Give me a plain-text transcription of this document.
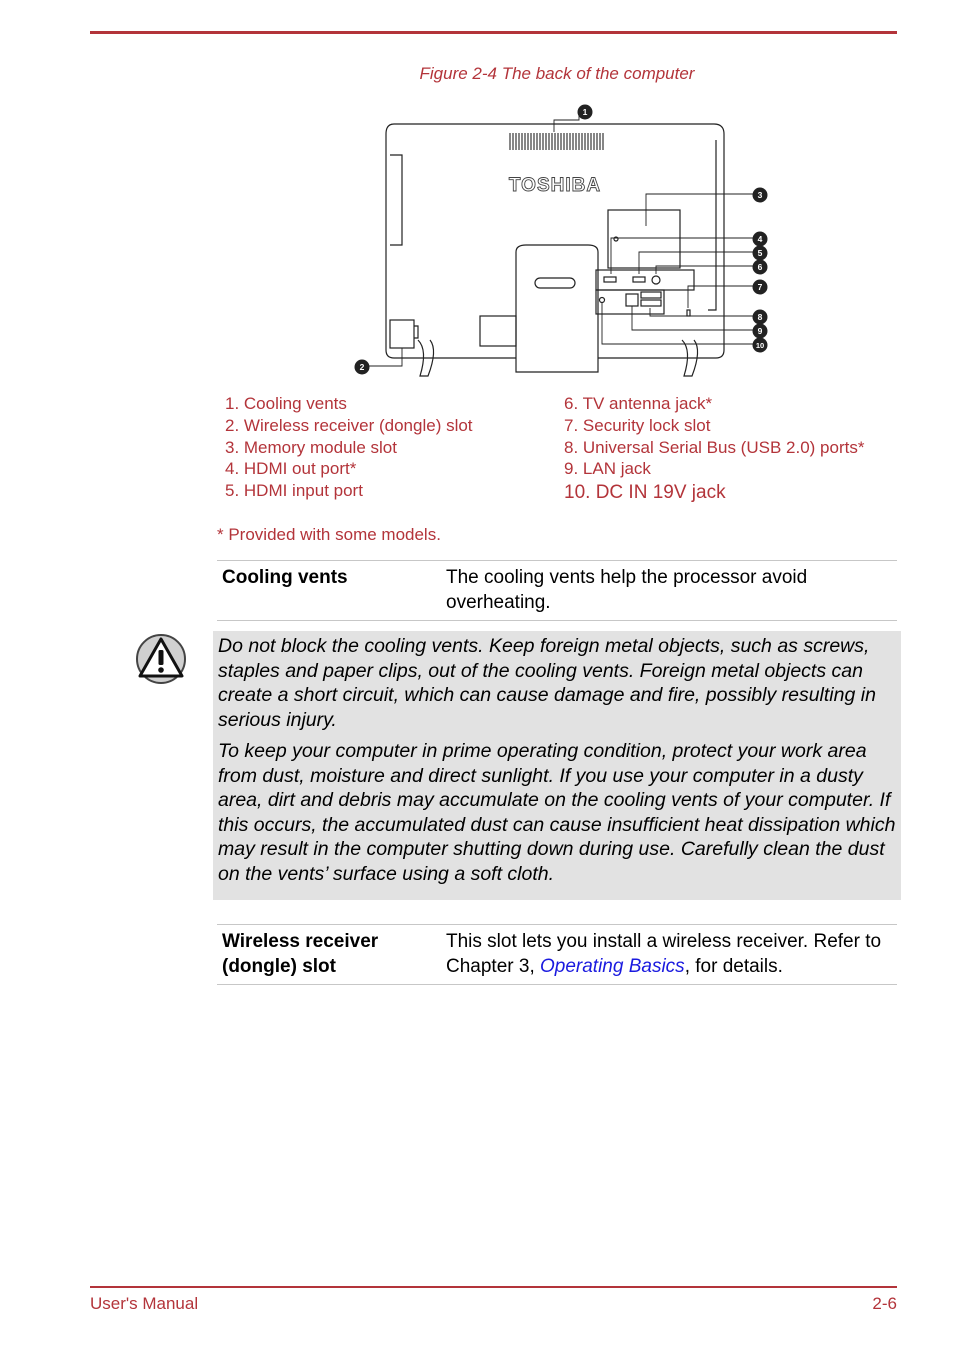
Figure 2-4 The back of the computer
TOSHIBA
1
2
3
4
5
6
7
8
9
10
1. Cooling vents
2. Wireless receiver (dongle) slot
3. Memory module slot
4. HDMI out port*
5. HDMI input port
6. TV antenna jack*
7. Security lock slot
8. Universal Serial Bus (USB 2.0) ports*
9. LAN jack
10. DC IN 19V jack
* Provided with some models.
Cooling vents	The cooling vents help the processor avoid overheating.
Do not block the cooling vents. Keep foreign metal objects, such as screws, staples and paper clips, out of the cooling vents. Foreign metal objects can create a short circuit, which can cause damage and fire, possibly resulting in serious injury.
To keep your computer in prime operating condition, protect your work area from dust, moisture and direct sunlight. If you use your computer in a dusty area, dirt and debris may accumulate on the cooling vents of your computer. If this occurs, the accumulated dust can cause insufficient heat dissipation which may result in the computer shutting down during use. Carefully clean the dust on the vents’ surface using a soft cloth.
Wireless receiver
(dongle) slot
This slot lets you install a wireless receiver. Refer to Chapter 3, Operating Basics, for details.
User's Manual	2-6
